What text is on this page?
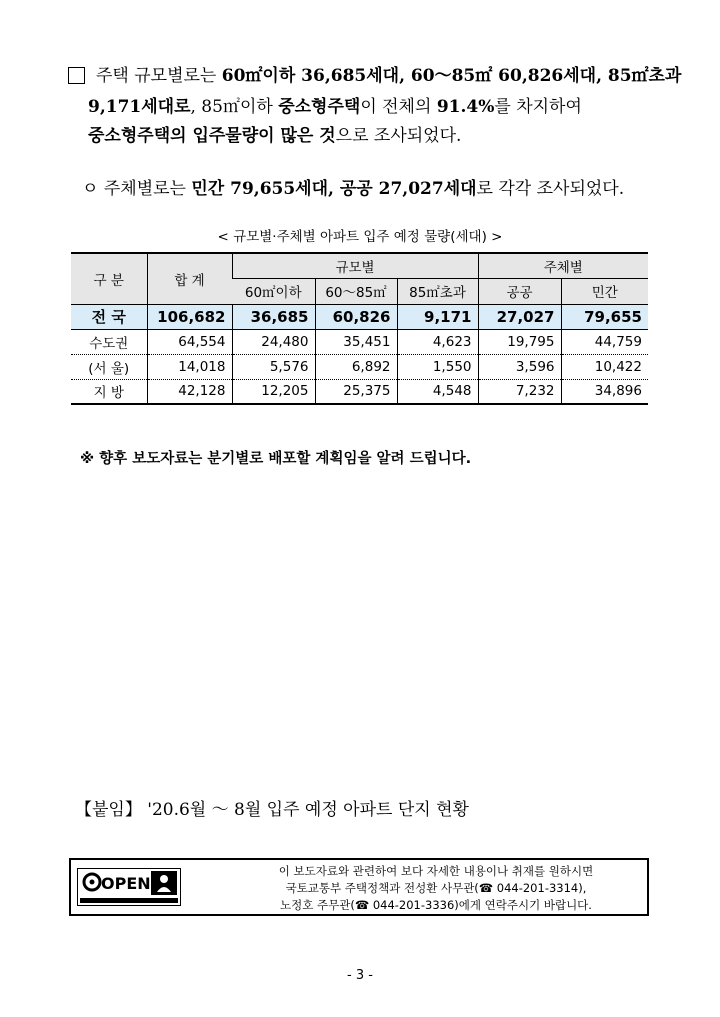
주택 규모별로는 60㎡이하 36,685세대, 60～85㎡ 60,826세대, 85㎡초과
9,171세대로, 85㎡이하 중소형주택이 전체의 91.4%를 차지하여
중소형주택의 입주물량이 많은 것으로 조사되었다.
ㅇ 주체별로는 민간 79,655세대, 공공 27,027세대로 각각 조사되었다.
< 규모별·주체별 아파트 입주 예정 물량(세대) >
구 분	합 계	규모별			주체별	
		60㎡이하	60～85㎡	85㎡초과	공공	민간
전 국	106,682	36,685	60,826	9,171	27,027	79,655
수도권	64,554	24,480	35,451	4,623	19,795	44,759
(서 울)	14,018	5,576	6,892	1,550	3,596	10,422
지 방	42,128	12,205	25,375	4,548	7,232	34,896
※ 향후 보도자료는 분기별로 배포할 계획임을 알려 드립니다.
【붙임】 '20.6월 ～ 8월 입주 예정 아파트 단지 현황
OPEN
이 보도자료와 관련하여 보다 자세한 내용이나 취재를 원하시면
국토교통부 주택정책과 전성환 사무관(☎ 044-201-3314),
노정호 주무관(☎ 044-201-3336)에게 연락주시기 바랍니다.
- 3 -
